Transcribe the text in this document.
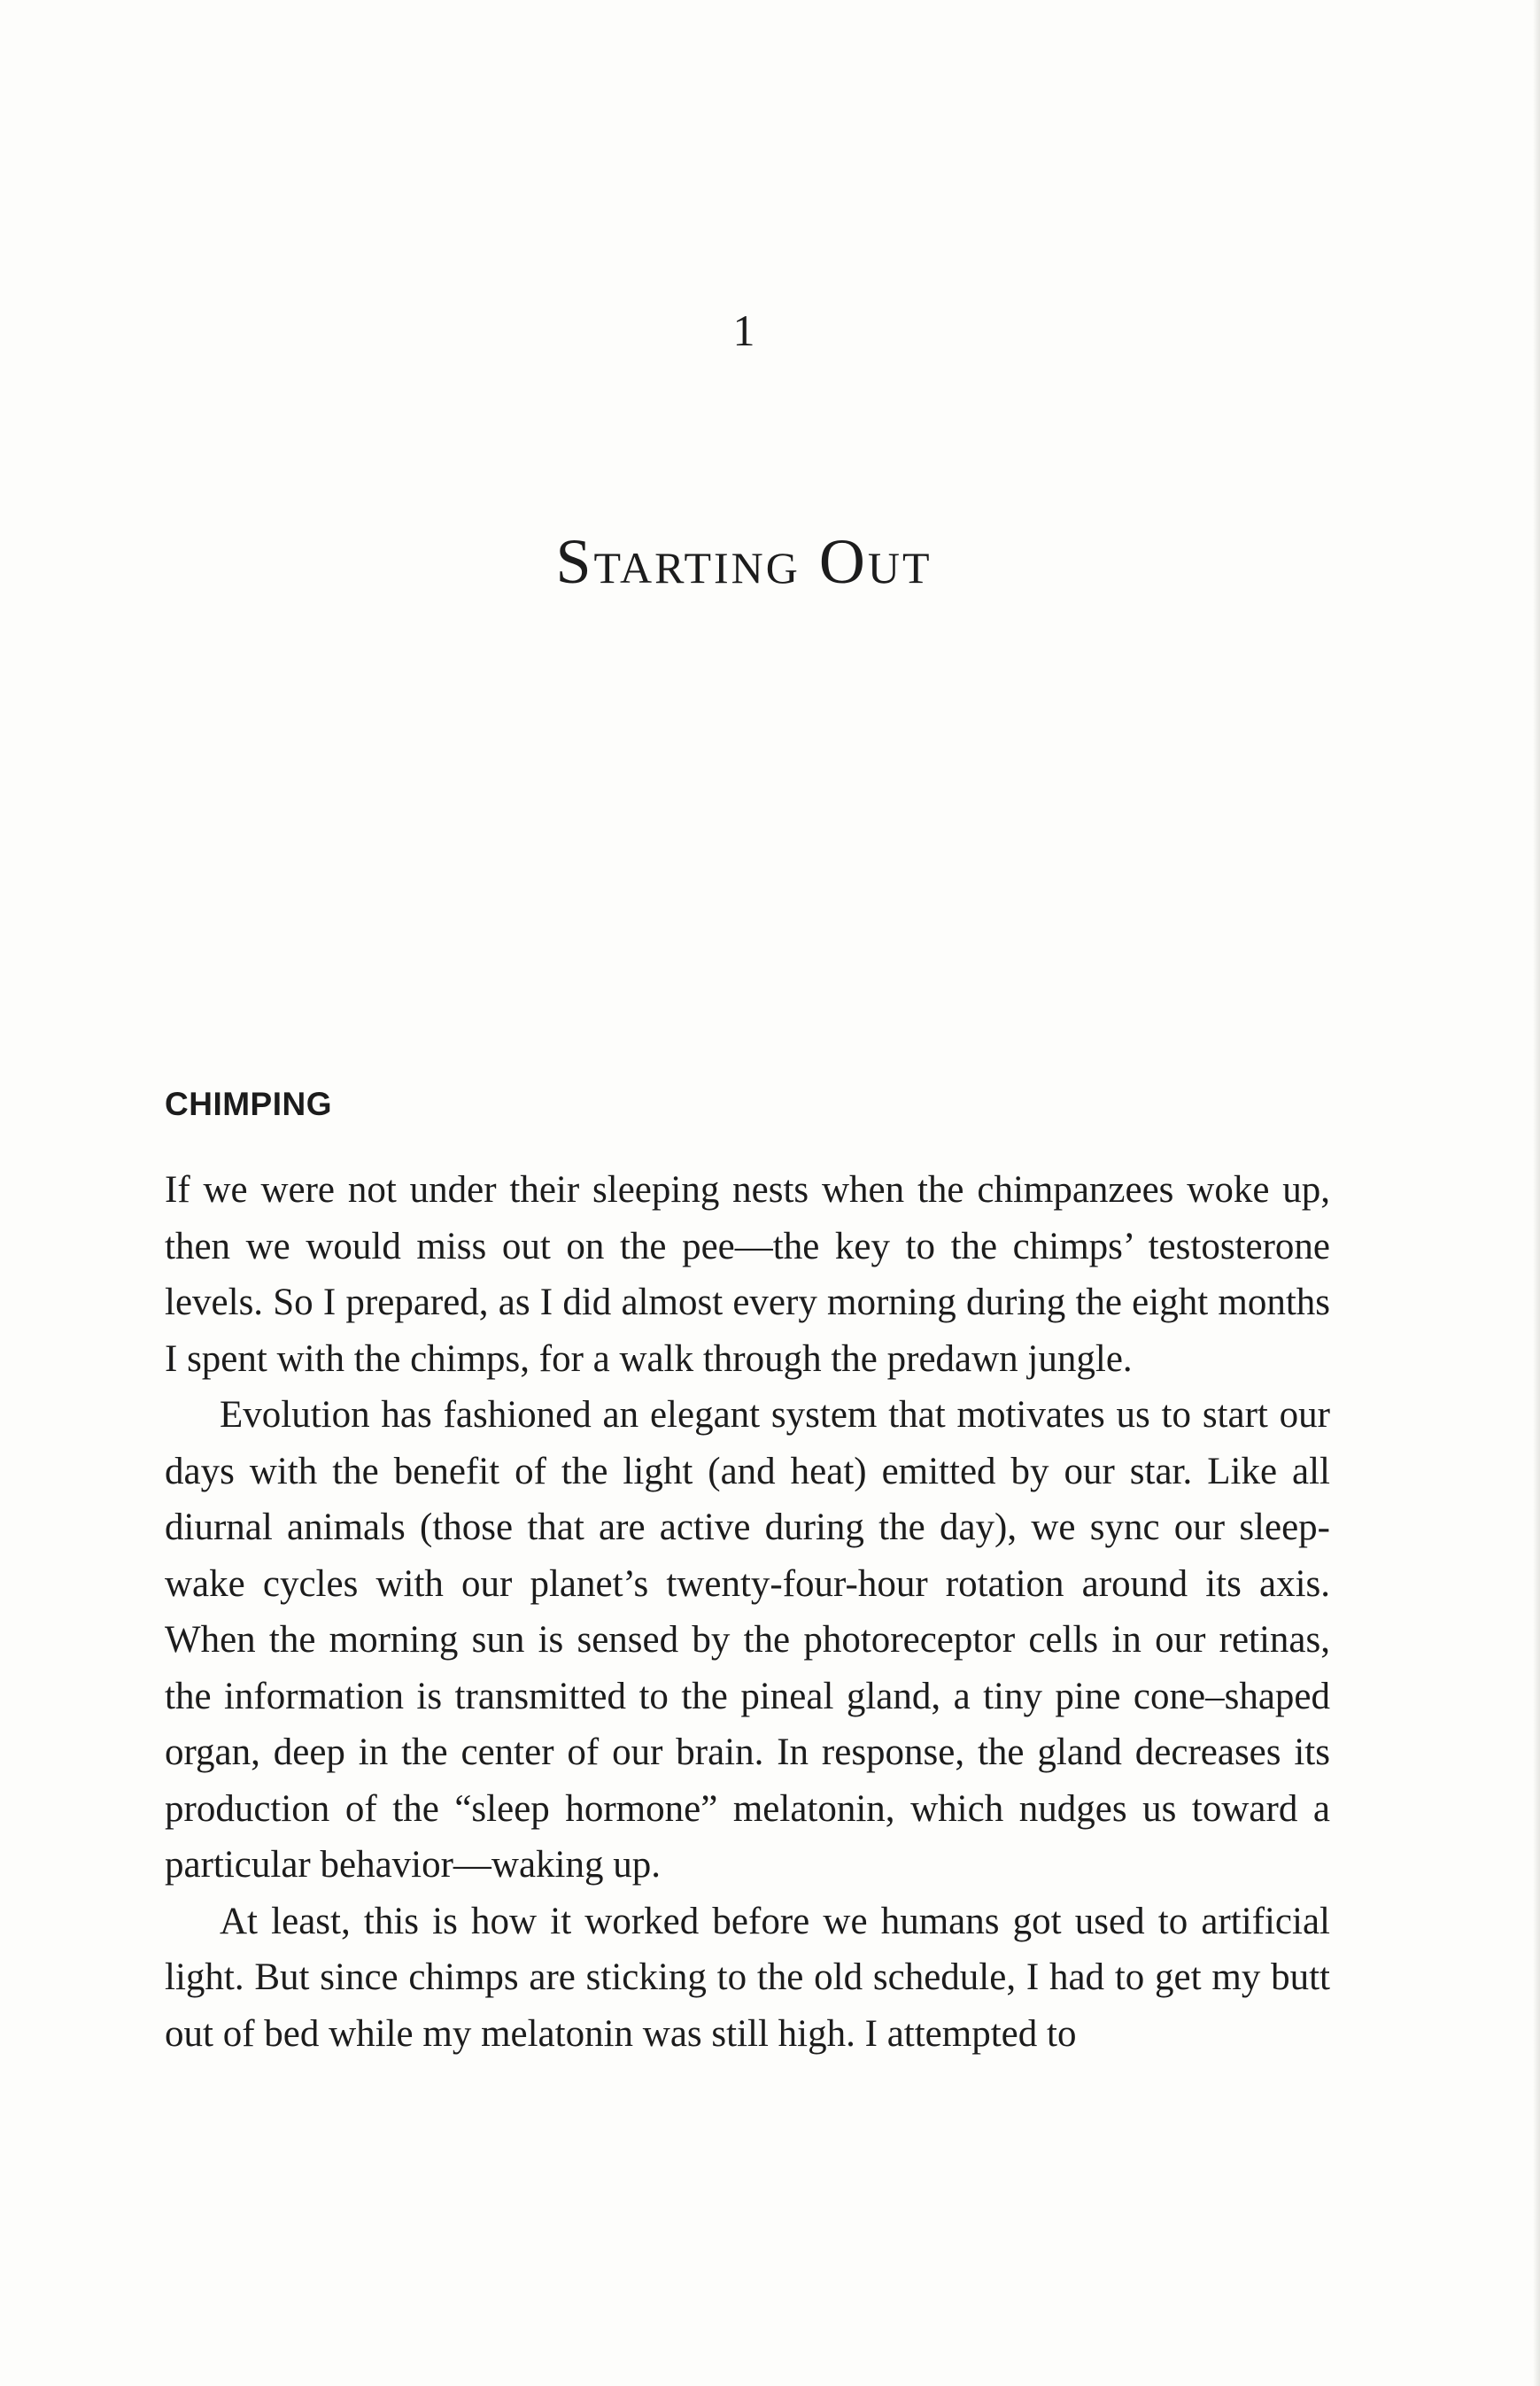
1
Starting Out
CHIMPING

If we were not under their sleeping nests when the chimpanzees woke up, then we would miss out on the pee—the key to the chimps’ testosterone levels. So I prepared, as I did almost every morning during the eight months I spent with the chimps, for a walk through the predawn jungle.

Evolution has fashioned an elegant system that motivates us to start our days with the benefit of the light (and heat) emitted by our star. Like all diurnal animals (those that are active during the day), we sync our sleep-wake cycles with our planet’s twenty-four-hour rotation around its axis. When the morning sun is sensed by the photoreceptor cells in our retinas, the information is transmitted to the pineal gland, a tiny pine cone–shaped organ, deep in the center of our brain. In response, the gland decreases its production of the “sleep hormone” melatonin, which nudges us toward a particular behavior—waking up.

At least, this is how it worked before we humans got used to artificial light. But since chimps are sticking to the old schedule, I had to get my butt out of bed while my melatonin was still high. I attempted to
